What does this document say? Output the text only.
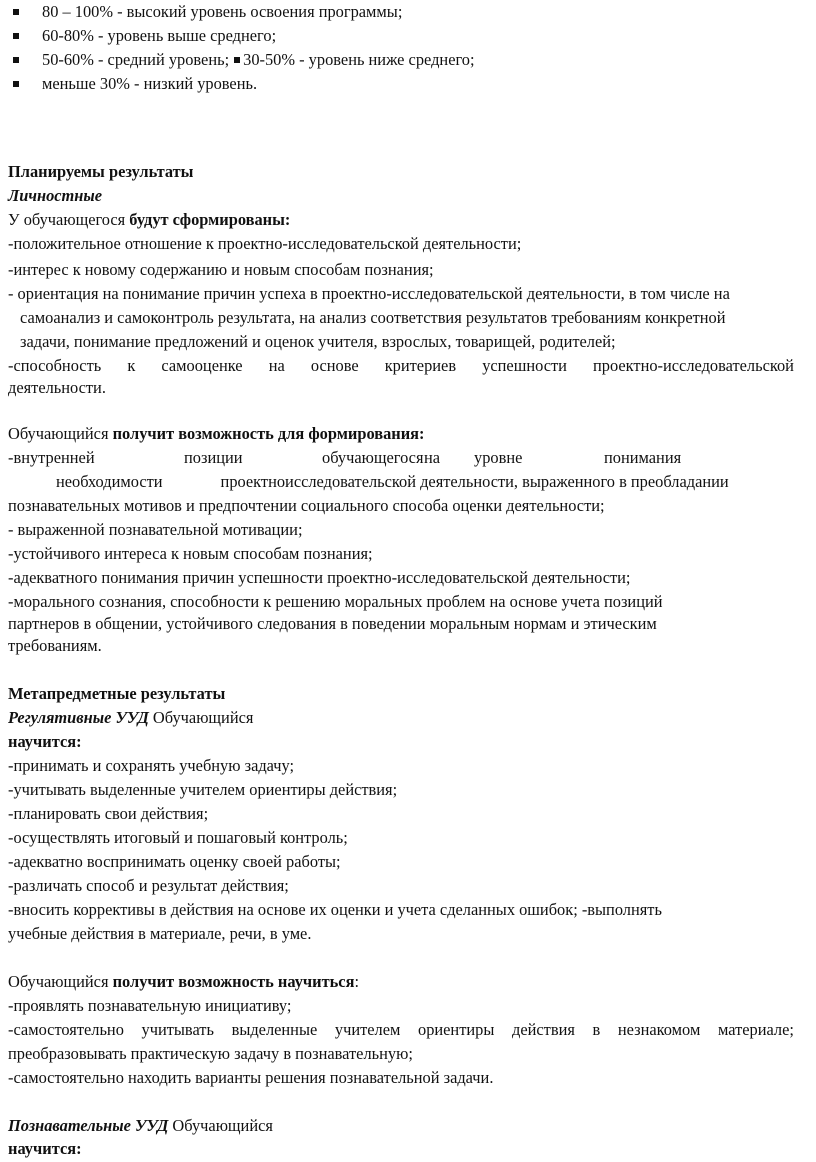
80 – 100% - высокий уровень освоения программы;
60-80% - уровень выше среднего;
50-60% - средний уровень; 30-50% - уровень ниже среднего;
меньше 30% - низкий уровень.
Планируемы результаты
Личностные
У обучающегося будут сформированы:
-положительное отношение к проектно-исследовательской деятельности;
-интерес к новому содержанию и новым способам познания;
- ориентация на понимание причин успеха в проектно-исследовательской деятельности, в том числе на
самоанализ и самоконтроль результата, на анализ соответствия результатов требованиям конкретной
задачи, понимание предложений и оценок учителя, взрослых, товарищей, родителей;
-способность к самооценке на основе критериев успешности проектно-исследовательской
деятельности.
Обучающийся получит возможность для формирования:
-внутренней	позиции	обучающегося на уровне	понимания
необходимости	проектноисследовательской деятельности, выраженного в преобладании
познавательных мотивов и предпочтении социального способа оценки деятельности;
- выраженной познавательной мотивации;
-устойчивого интереса к новым способам познания;
-адекватного понимания причин успешности проектно-исследовательской деятельности;
-морального сознания, способности к решению моральных проблем на основе учета позиций
партнеров в общении, устойчивого следования в поведении моральным нормам и этическим
требованиям.
Метапредметные результаты
Регулятивные УУД Обучающийся
научится:
-принимать и сохранять учебную задачу;
-учитывать выделенные учителем ориентиры действия;
-планировать свои действия;
-осуществлять итоговый и пошаговый контроль;
-адекватно воспринимать оценку своей работы;
-различать способ и результат действия;
-вносить коррективы в действия на основе их оценки и учета сделанных ошибок; -выполнять
учебные действия в материале, речи, в уме.
Обучающийся получит возможность научиться:
-проявлять познавательную инициативу;
-самостоятельно учитывать выделенные учителем ориентиры действия в незнакомом материале;
преобразовывать практическую задачу в познавательную;
-самостоятельно находить варианты решения познавательной задачи.
Познавательные УУД Обучающийся
научится:
